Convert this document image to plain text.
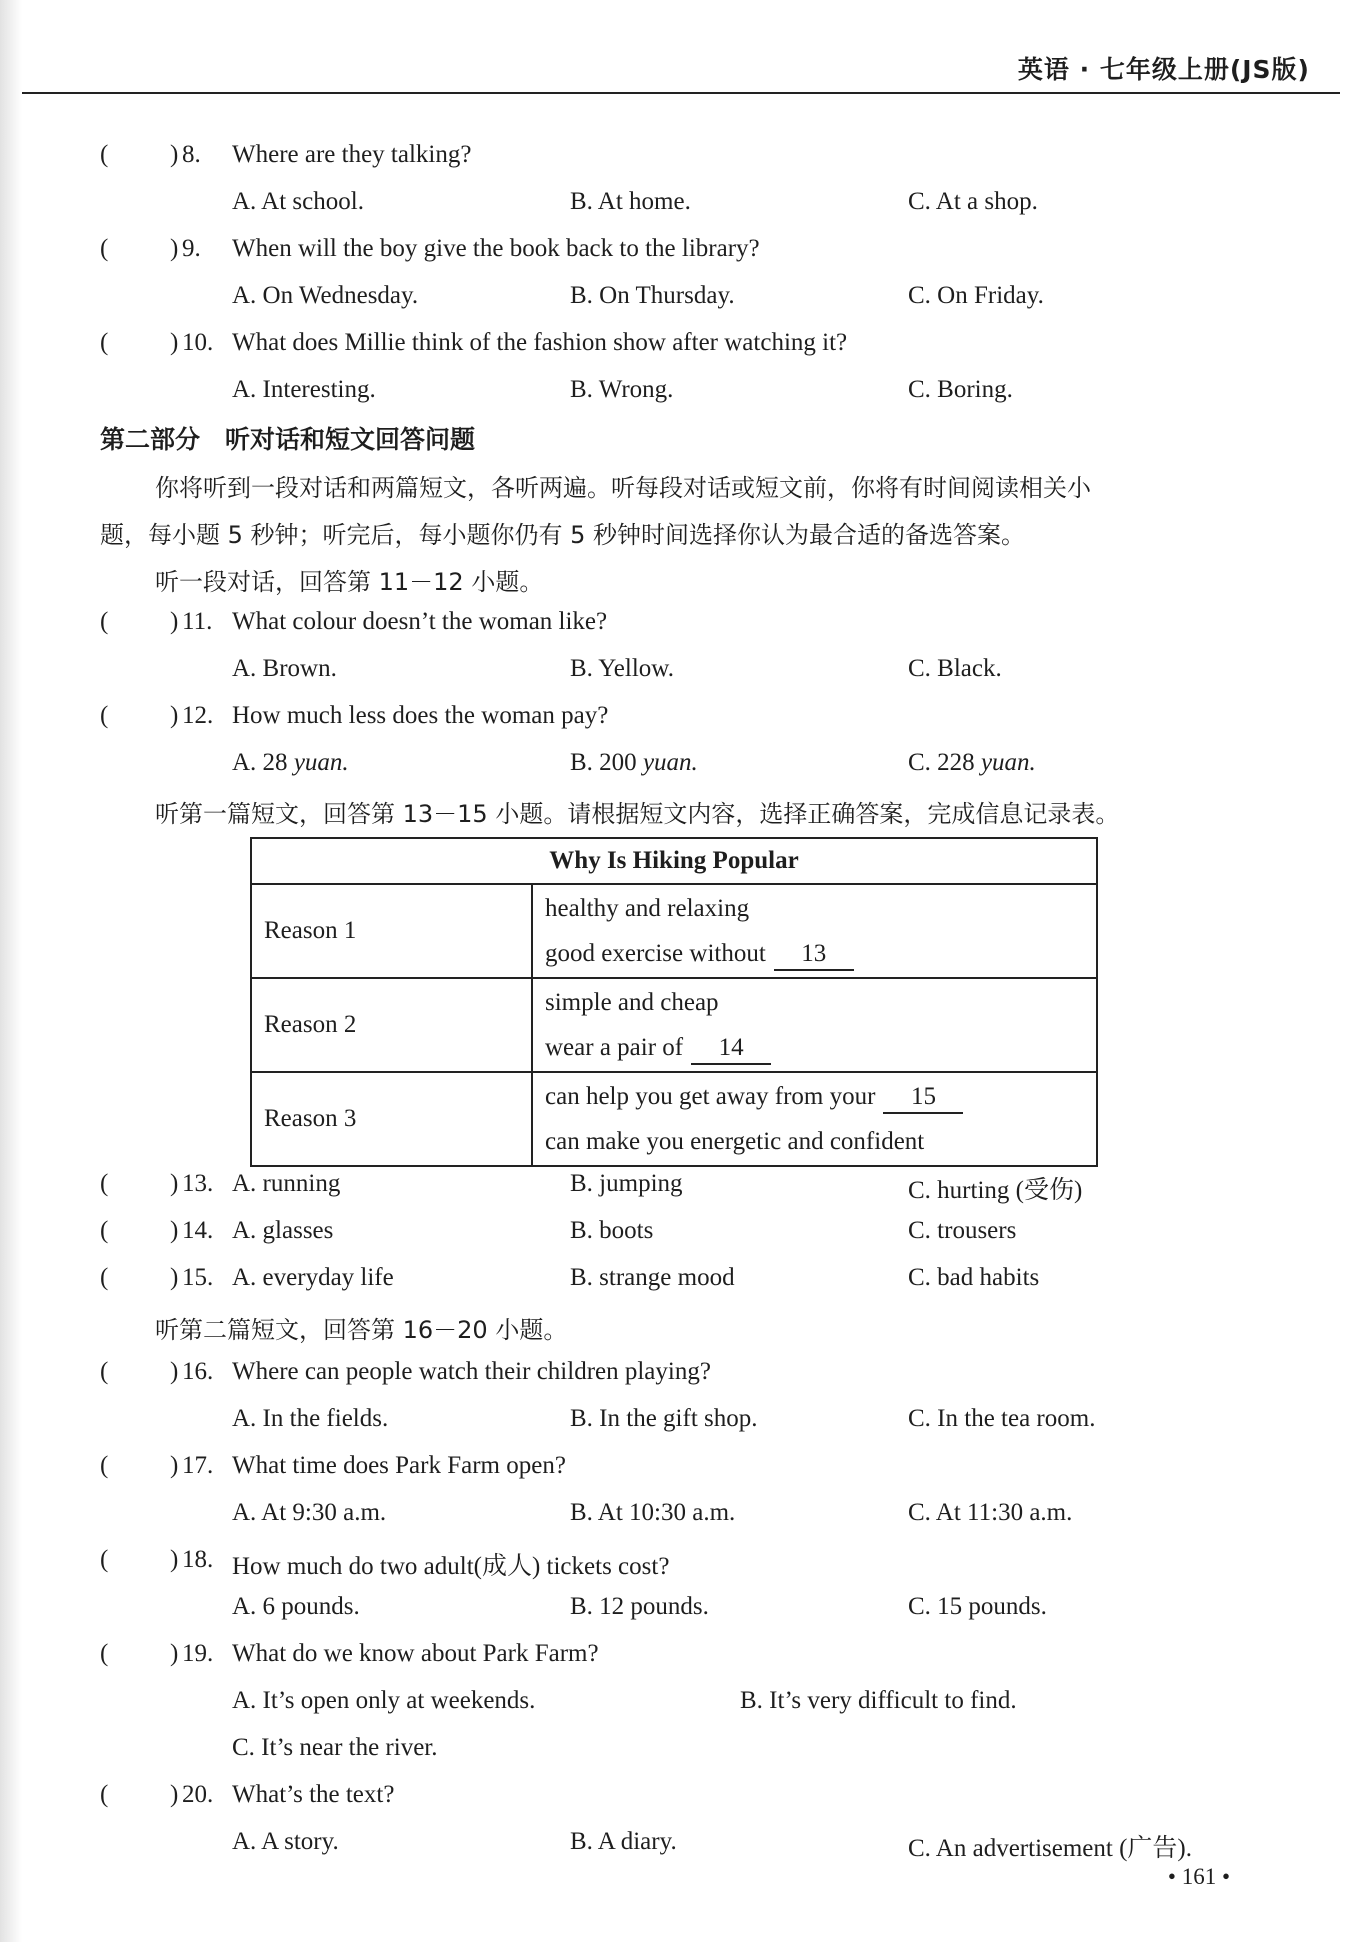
英语 · 七年级上册(JS版)
( ) 8. Where are they talking?
A. At school.	B. At home.	C. At a shop.
( ) 9. When will the boy give the book back to the library?
A. On Wednesday.	B. On Thursday.	C. On Friday.
( ) 10. What does Millie think of the fashion show after watching it?
A. Interesting.	B. Wrong.	C. Boring.
第二部分　听对话和短文回答问题
你将听到一段对话和两篇短文，各听两遍。听每段对话或短文前，你将有时间阅读相关小
题，每小题 5 秒钟；听完后，每小题你仍有 5 秒钟时间选择你认为最合适的备选答案。
听一段对话，回答第 11－12 小题。
( ) 11. What colour doesn’t the woman like?
A. Brown.	B. Yellow.	C. Black.
( ) 12. How much less does the woman pay?
A. 28 yuan.	B. 200 yuan.	C. 228 yuan.
听第一篇短文，回答第 13－15 小题。请根据短文内容，选择正确答案，完成信息记录表。
Why Is Hiking Popular	
Reason 1	healthy and relaxing
good exercise without 13

Reason 2	simple and cheap
wear a pair of 14

Reason 3	can help you get away from your 15
can make you energetic and confident
( ) 13. A. running	B. jumping	C. hurting (受伤)
( ) 14. A. glasses	B. boots	C. trousers
( ) 15. A. everyday life	B. strange mood	C. bad habits
听第二篇短文，回答第 16－20 小题。
( ) 16. Where can people watch their children playing?
A. In the fields.	B. In the gift shop.	C. In the tea room.
( ) 17. What time does Park Farm open?
A. At 9:30 a.m.	B. At 10:30 a.m.	C. At 11:30 a.m.
( ) 18. How much do two adult(成人) tickets cost?
A. 6 pounds.	B. 12 pounds.	C. 15 pounds.
( ) 19. What do we know about Park Farm?
A. It’s open only at weekends.	B. It’s very difficult to find.
C. It’s near the river.
( ) 20. What’s the text?
A. A story.	B. A diary.	C. An advertisement (广告).
• 161 •
